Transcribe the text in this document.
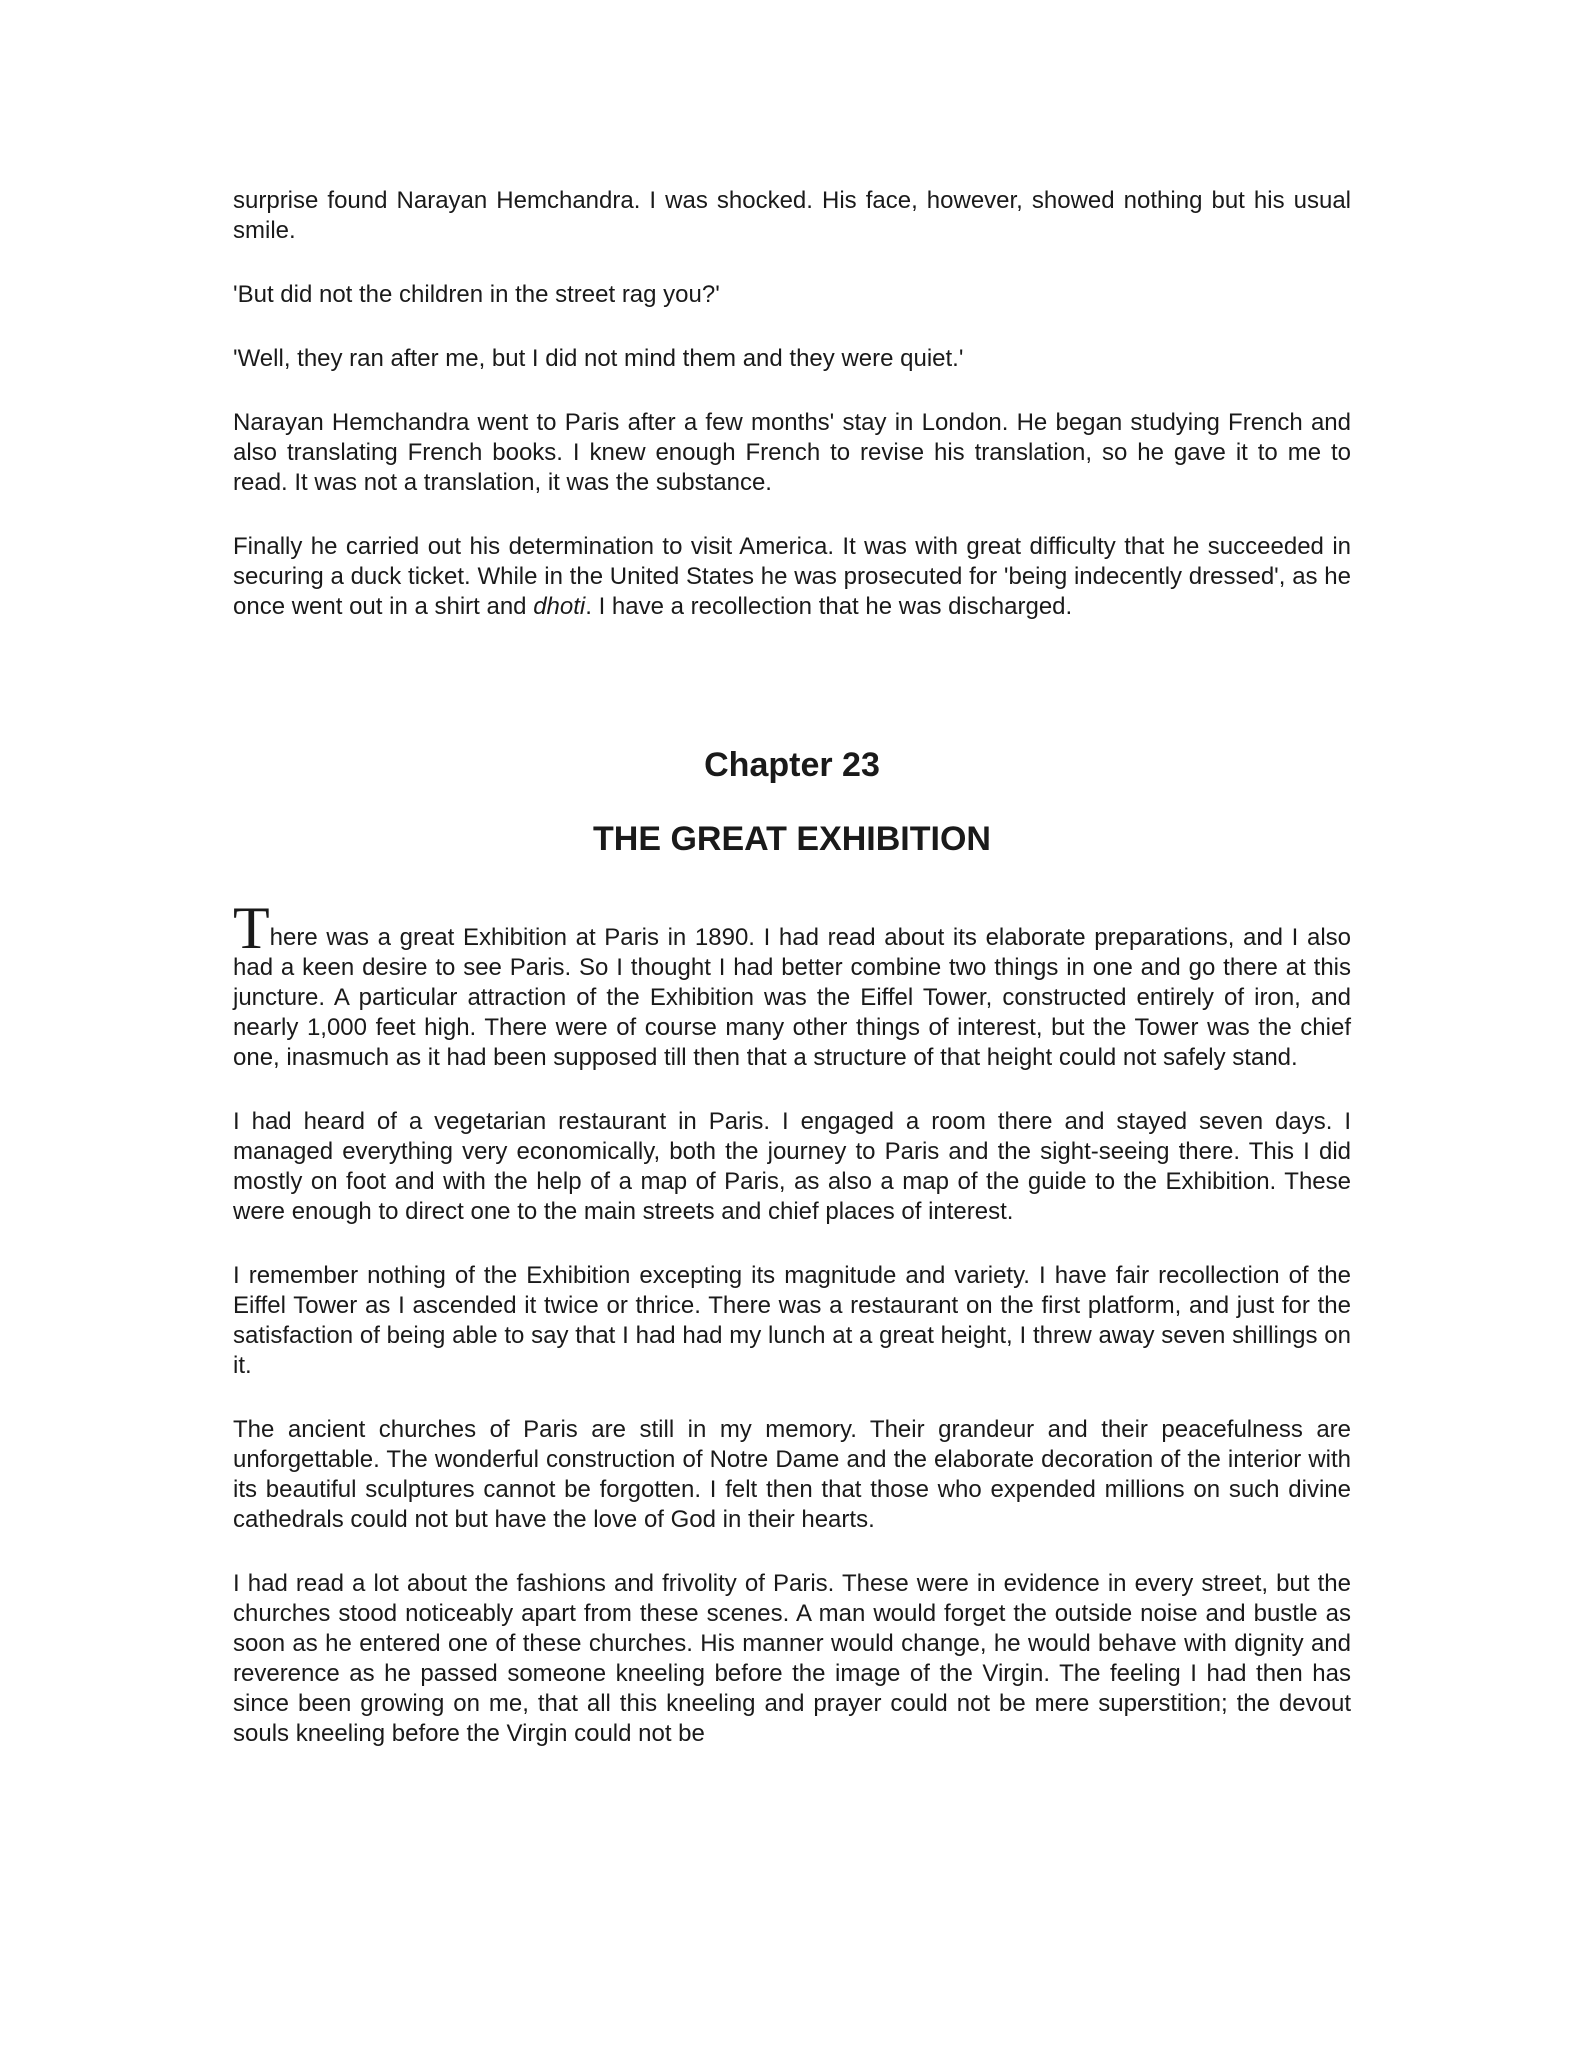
surprise found Narayan Hemchandra. I was shocked. His face, however, showed nothing but his usual smile.

'But did not the children in the street rag you?'

'Well, they ran after me, but I did not mind them and they were quiet.'

Narayan Hemchandra went to Paris after a few months' stay in London. He began studying French and also translating French books. I knew enough French to revise his translation, so he gave it to me to read. It was not a translation, it was the substance.

Finally he carried out his determination to visit America. It was with great difficulty that he succeeded in securing a duck ticket. While in the United States he was prosecuted for 'being indecently dressed', as he once went out in a shirt and dhoti. I have a recollection that he was discharged.

Chapter 23
THE GREAT EXHIBITION

There was a great Exhibition at Paris in 1890. I had read about its elaborate preparations, and I also had a keen desire to see Paris. So I thought I had better combine two things in one and go there at this juncture. A particular attraction of the Exhibition was the Eiffel Tower, constructed entirely of iron, and nearly 1,000 feet high. There were of course many other things of interest, but the Tower was the chief one, inasmuch as it had been supposed till then that a structure of that height could not safely stand.

I had heard of a vegetarian restaurant in Paris. I engaged a room there and stayed seven days. I managed everything very economically, both the journey to Paris and the sight-seeing there. This I did mostly on foot and with the help of a map of Paris, as also a map of the guide to the Exhibition. These were enough to direct one to the main streets and chief places of interest.

I remember nothing of the Exhibition excepting its magnitude and variety. I have fair recollection of the Eiffel Tower as I ascended it twice or thrice. There was a restaurant on the first platform, and just for the satisfaction of being able to say that I had had my lunch at a great height, I threw away seven shillings on it.

The ancient churches of Paris are still in my memory. Their grandeur and their peacefulness are unforgettable. The wonderful construction of Notre Dame and the elaborate decoration of the interior with its beautiful sculptures cannot be forgotten. I felt then that those who expended millions on such divine cathedrals could not but have the love of God in their hearts.

I had read a lot about the fashions and frivolity of Paris. These were in evidence in every street, but the churches stood noticeably apart from these scenes. A man would forget the outside noise and bustle as soon as he entered one of these churches. His manner would change, he would behave with dignity and reverence as he passed someone kneeling before the image of the Virgin. The feeling I had then has since been growing on me, that all this kneeling and prayer could not be mere superstition; the devout souls kneeling before the Virgin could not be
